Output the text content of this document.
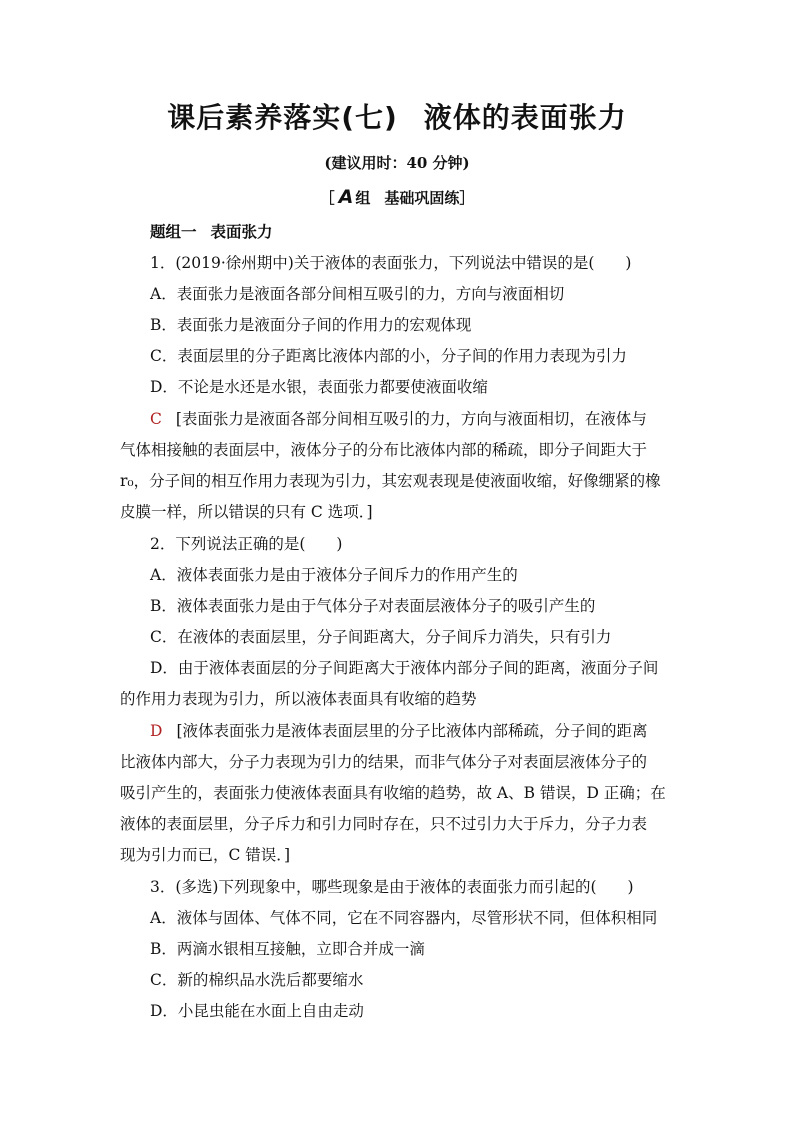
课后素养落实(七) 液体的表面张力
(建议用时：40 分钟)
［ A 组 基础巩固练］
题组一 表面张力
1．(2019·徐州期中)关于液体的表面张力，下列说法中错误的是(　　)
A．表面张力是液面各部分间相互吸引的力，方向与液面相切
B．表面张力是液面分子间的作用力的宏观体现
C．表面层里的分子距离比液体内部的小，分子间的作用力表现为引力
D．不论是水还是水银，表面张力都要使液面收缩
C [表面张力是液面各部分间相互吸引的力，方向与液面相切，在液体与
气体相接触的表面层中，液体分子的分布比液体内部的稀疏，即分子间距大于
r₀，分子间的相互作用力表现为引力，其宏观表现是使液面收缩，好像绷紧的橡
皮膜一样，所以错误的只有 C 选项．]
2．下列说法正确的是(　　)
A．液体表面张力是由于液体分子间斥力的作用产生的
B．液体表面张力是由于气体分子对表面层液体分子的吸引产生的
C．在液体的表面层里，分子间距离大，分子间斥力消失，只有引力
D．由于液体表面层的分子间距离大于液体内部分子间的距离，液面分子间
的作用力表现为引力，所以液体表面具有收缩的趋势
D [液体表面张力是液体表面层里的分子比液体内部稀疏，分子间的距离
比液体内部大，分子力表现为引力的结果，而非气体分子对表面层液体分子的
吸引产生的，表面张力使液体表面具有收缩的趋势，故 A、B 错误，D 正确；在
液体的表面层里，分子斥力和引力同时存在，只不过引力大于斥力，分子力表
现为引力而已，C 错误．]
3．(多选)下列现象中，哪些现象是由于液体的表面张力而引起的(　　)
A．液体与固体、气体不同，它在不同容器内，尽管形状不同，但体积相同
B．两滴水银相互接触，立即合并成一滴
C．新的棉织品水洗后都要缩水
D．小昆虫能在水面上自由走动
